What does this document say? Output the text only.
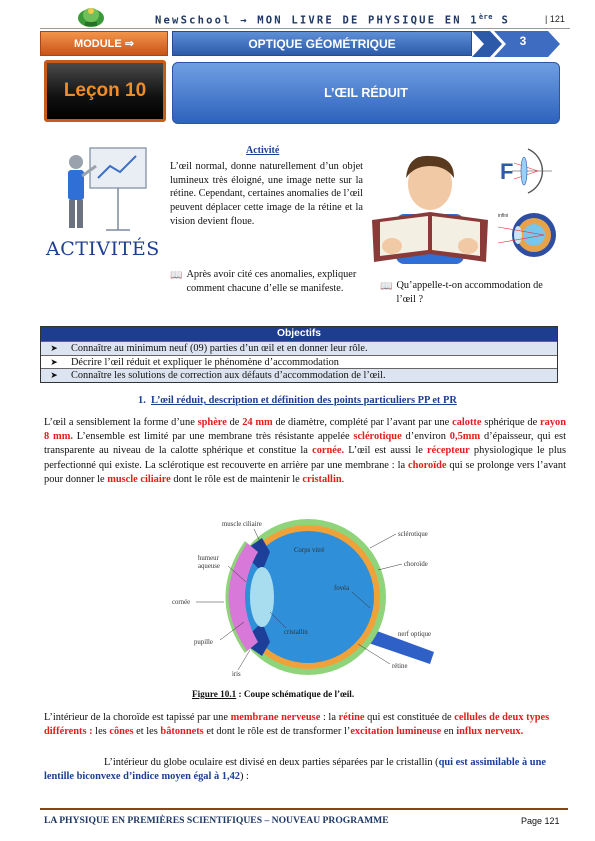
NewSchool → MON LIVRE DE PHYSIQUE EN 1ère S	| 121
MODULE ⇒	OPTIQUE GÉOMÉTRIQUE	3
Leçon 10	L’ŒIL RÉDUIT
ACTIVITÉS
Activité
L’œil normal, donne naturellement d’un objet lumineux très éloigné, une image nette sur la rétine. Cependant, certaines anomalies de l’œil peuvent déplacer cette image de la rétine et la vision devient floue.
📖 Après avoir cité ces anomalies, expliquer comment chacune d’elle se manifeste.	📖 Qu’appelle-t-on accommodation de l’œil ?
F
infini
Objectifs
➤	Connaître au minimum neuf (09) parties d’un œil et en donner leur rôle.
➤	Décrire l’œil réduit et expliquer le phénomène d’accommodation
➤	Connaître les solutions de correction aux défauts d’accommodation de l’œil.
1. L’œil réduit, description et définition des points particuliers PP et PR
L’œil a sensiblement la forme d’une sphère de 24 mm de diamètre, complété par l’avant par une calotte sphérique de rayon 8 mm. L’ensemble est limité par une membrane très résistante appelée sclérotique d’environ 0,5mm d’épaisseur, qui est transparente au niveau de la calotte sphérique et constitue la cornée. L’œil est aussi le récepteur physiologique le plus perfectionné qui existe. La sclérotique est recouverte en arrière par une membrane : la choroïde qui se prolonge vers l’avant pour donner le muscle ciliaire dont le rôle est de maintenir le cristallin.
muscle ciliaire
humeur
aqueuse
cornée
pupille
iris
cristallin
Corps vitré
sclérotique
choroïde
fovéa
nerf optique
rétine
Figure 10.1 : Coupe schématique de l’œil.
L’intérieur de la choroïde est tapissé par une membrane nerveuse : la rétine qui est constituée de cellules de deux types différents : les cônes et les bâtonnets et dont le rôle est de transformer l’excitation lumineuse en influx nerveux.
L’intérieur du globe oculaire est divisé en deux parties séparées par le cristallin (qui est assimilable à une lentille biconvexe d’indice moyen égal à 1,42) :
LA PHYSIQUE EN PREMIÈRES SCIENTIFIQUES – NOUVEAU PROGRAMME	Page 121
